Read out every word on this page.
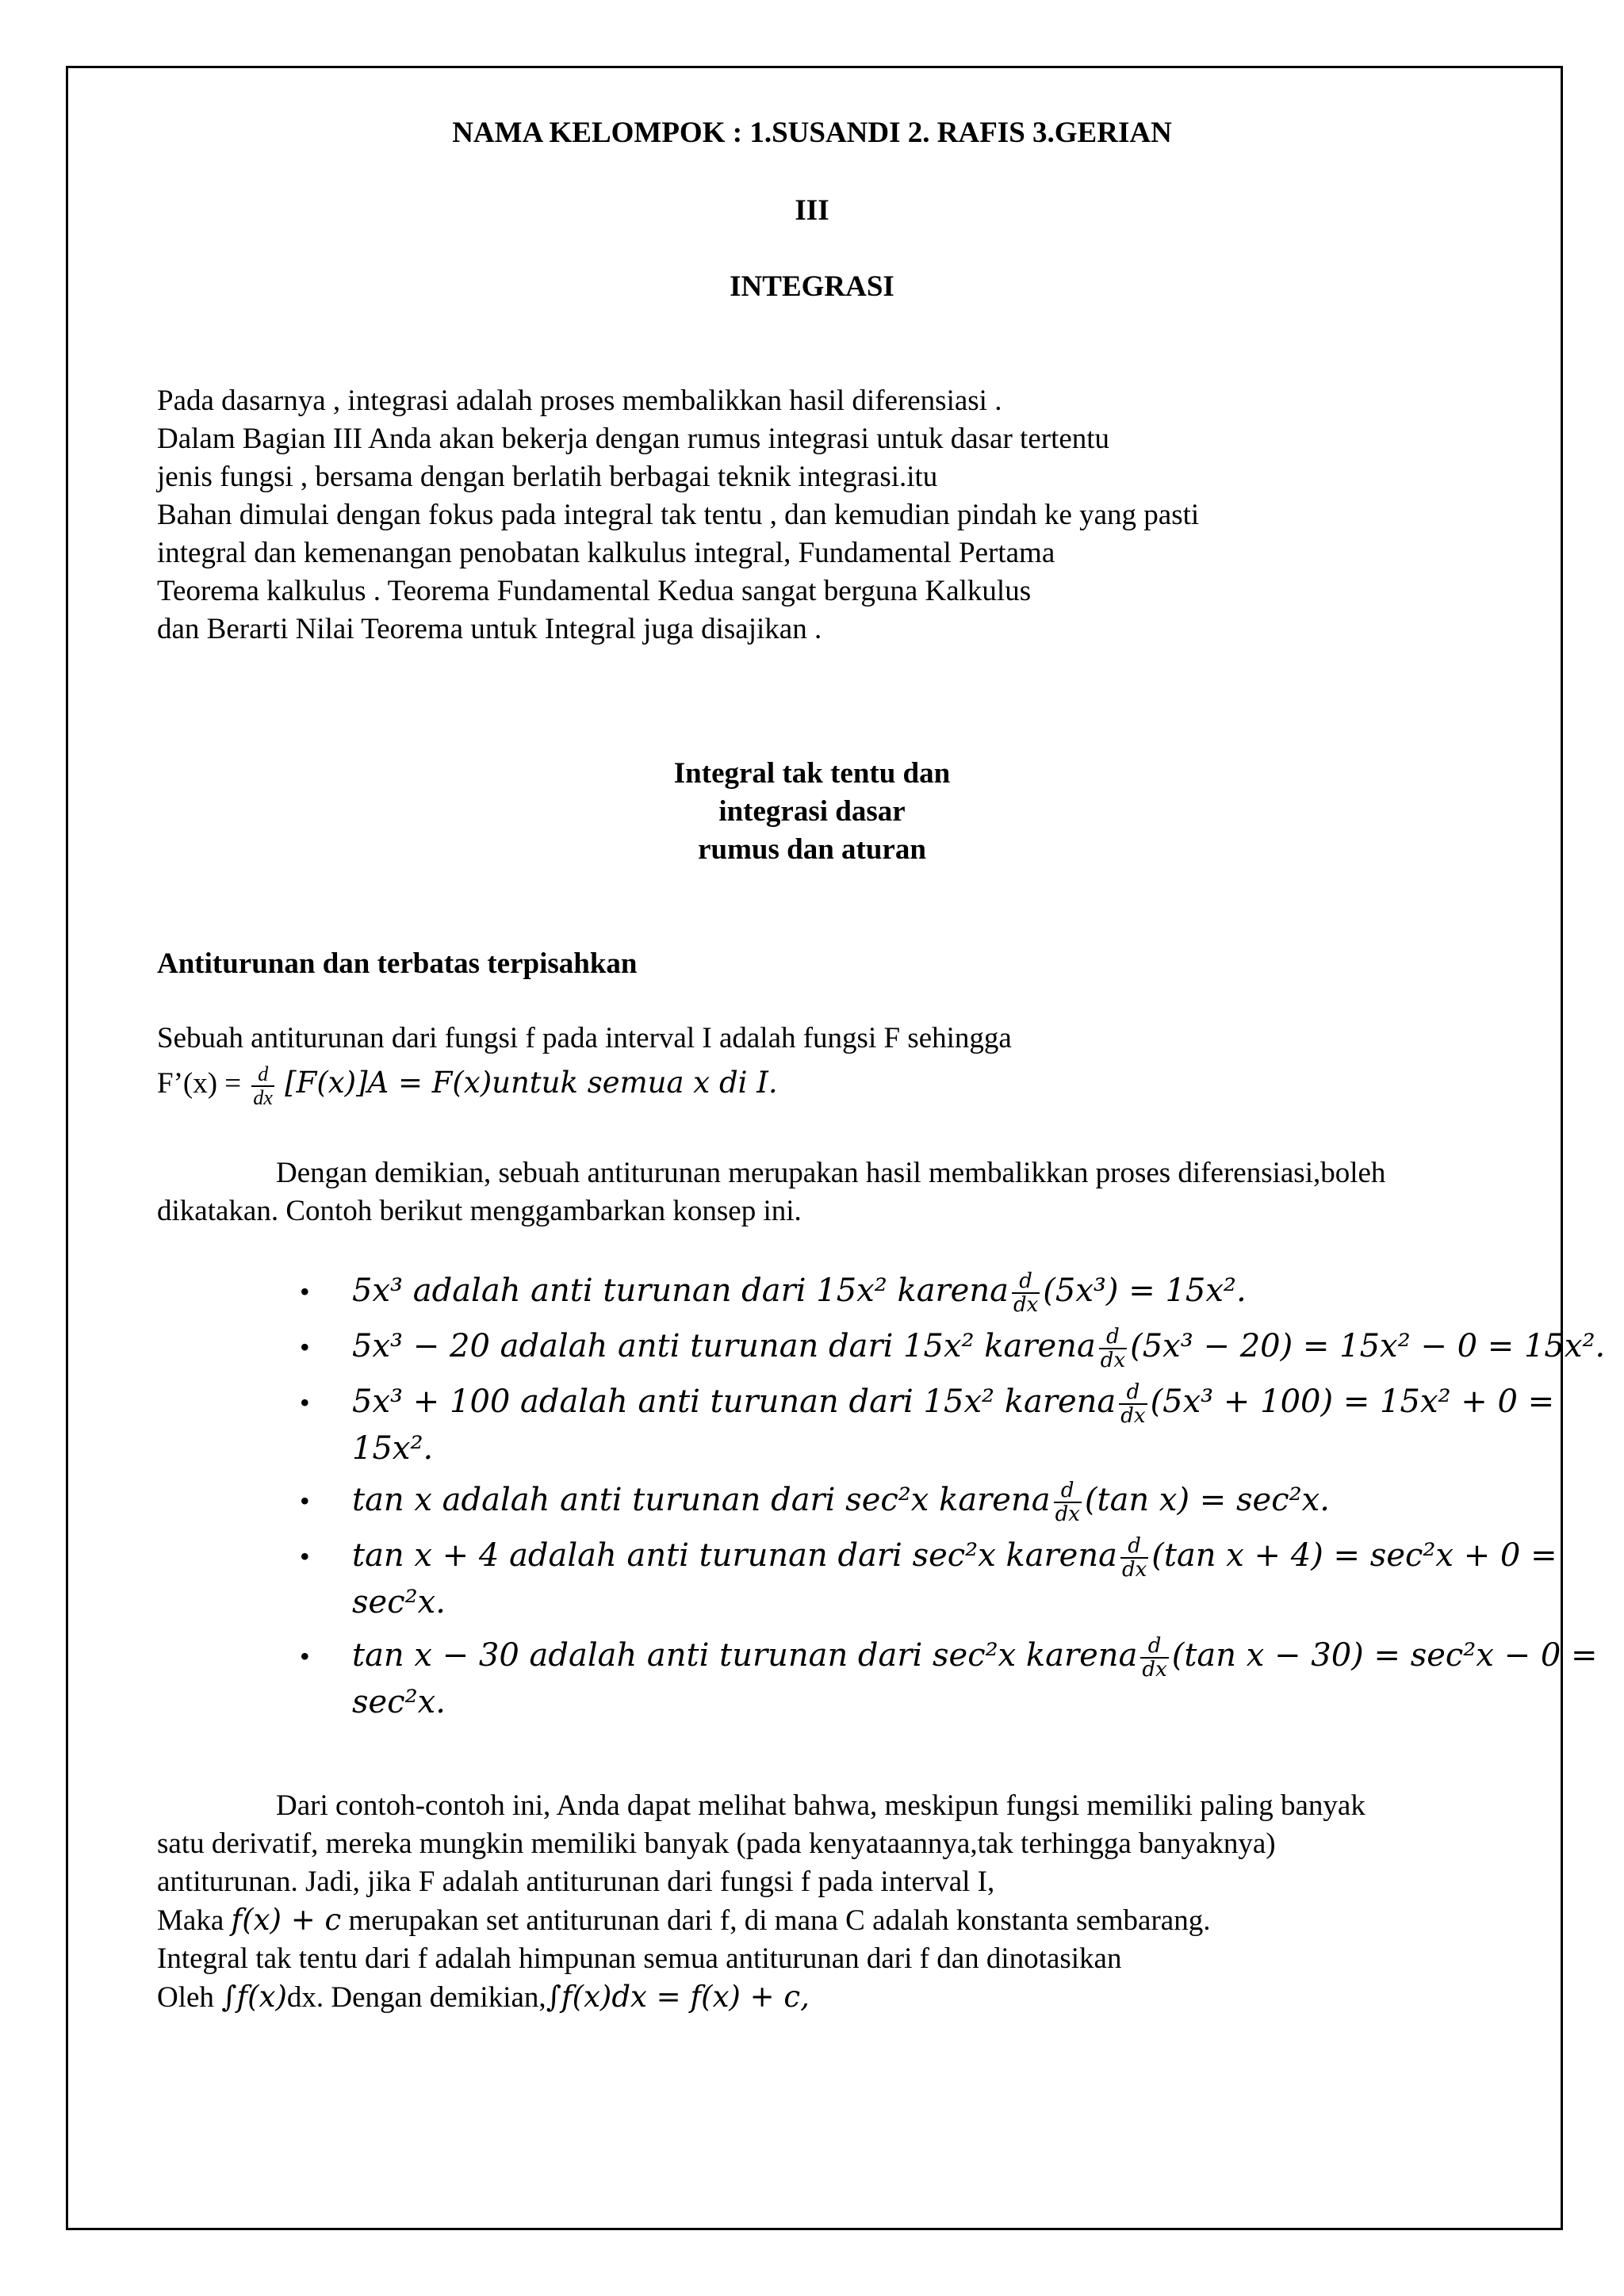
NAMA KELOMPOK : 1.SUSANDI 2. RAFIS 3.GERIAN
III
INTEGRASI
Pada dasarnya , integrasi adalah proses membalikkan hasil diferensiasi .
Dalam Bagian III Anda akan bekerja dengan rumus integrasi untuk dasar tertentu
jenis fungsi , bersama dengan berlatih berbagai teknik integrasi.itu
Bahan dimulai dengan fokus pada integral tak tentu , dan kemudian pindah ke yang pasti
integral dan kemenangan penobatan kalkulus integral, Fundamental Pertama
Teorema kalkulus . Teorema Fundamental Kedua sangat berguna Kalkulus
dan Berarti Nilai Teorema untuk Integral juga disajikan .
Integral tak tentu dan
integrasi dasar
rumus dan aturan
Antiturunan dan terbatas terpisahkan
Sebuah antiturunan dari fungsi f pada interval I adalah fungsi F sehingga
F’(x) = $\frac{d}{dx} [F(x)]A$ = F(x)untuk semua x di I.
Dengan demikian, sebuah antiturunan merupakan hasil membalikkan proses diferensiasi,boleh
dikatakan. Contoh berikut menggambarkan konsep ini.
• 5x³ adalah anti turunan dari 15x² karena $\frac{d}{dx} (5x^3) = 15x^2$.
• 5x³ − 20 adalah anti turunan dari 15x² karena $\frac{d}{dx} (5x^3 - 20) = 15x^2 - 0 = 15x^2$.
• 5x³ + 100 adalah anti turunan dari 15x² karena $\frac{d}{dx} (5x^3 + 100) = 15x^2 + 0$ =
15x².
• tan x adalah anti turunan dari sec²x karena $\frac{d}{dx} (\tan$ x) = sec²x.
• tan x + 4 adalah anti turunan dari sec²x karena $\frac{d}{dx} (\tan$ x + 4) = sec²x + 0 =
sec²x.
• tan x − 30 adalah anti turunan dari sec²x karena $\frac{d}{dx} (\tan$ x − 30) = sec²x − 0 =
sec²x.
Dari contoh-contoh ini, Anda dapat melihat bahwa, meskipun fungsi memiliki paling banyak
satu derivatif, mereka mungkin memiliki banyak (pada kenyataannya,tak terhingga banyaknya)
antiturunan. Jadi, jika F adalah antiturunan dari fungsi f pada interval I,
Maka f(x) + c merupakan set antiturunan dari f, di mana C adalah konstanta sembarang.
Integral tak tentu dari f adalah himpunan semua antiturunan dari f dan dinotasikan
Oleh ∫f(x)dx. Dengan demikian,∫f(x)dx = f(x) + c,
